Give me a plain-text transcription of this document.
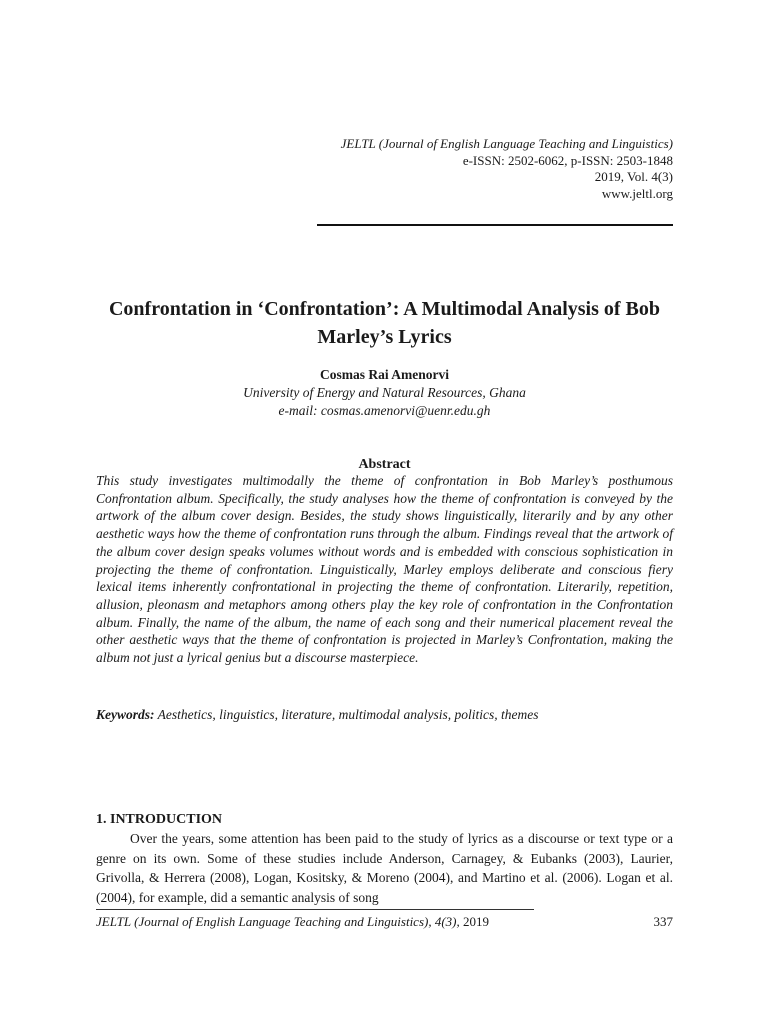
JELTL (Journal of English Language Teaching and Linguistics)
e-ISSN: 2502-6062, p-ISSN: 2503-1848
2019, Vol. 4(3)
www.jeltl.org
Confrontation in ‘Confrontation’: A Multimodal Analysis of Bob Marley’s Lyrics
Cosmas Rai Amenorvi
University of Energy and Natural Resources, Ghana
e-mail: cosmas.amenorvi@uenr.edu.gh
Abstract

This study investigates multimodally the theme of confrontation in Bob Marley’s posthumous Confrontation album. Specifically, the study analyses how the theme of confrontation is conveyed by the artwork of the album cover design. Besides, the study shows linguistically, literarily and by any other aesthetic ways how the theme of confrontation runs through the album. Findings reveal that the artwork of the album cover design speaks volumes without words and is embedded with conscious sophistication in projecting the theme of confrontation. Linguistically, Marley employs deliberate and conscious fiery lexical items inherently confrontational in projecting the theme of confrontation. Literarily, repetition, allusion, pleonasm and metaphors among others play the key role of confrontation in the Confrontation album. Finally, the name of the album, the name of each song and their numerical placement reveal the other aesthetic ways that the theme of confrontation is projected in Marley’s Confrontation, making the album not just a lyrical genius but a discourse masterpiece.

Keywords: Aesthetics, linguistics, literature, multimodal analysis, politics, themes
1. INTRODUCTION

Over the years, some attention has been paid to the study of lyrics as a discourse or text type or a genre on its own. Some of these studies include Anderson, Carnagey, & Eubanks (2003), Laurier, Grivolla, & Herrera (2008), Logan, Kositsky, & Moreno (2004), and Martino et al. (2006). Logan et al. (2004), for example, did a semantic analysis of song

JELTL (Journal of English Language Teaching and Linguistics), 4(3), 2019	337
